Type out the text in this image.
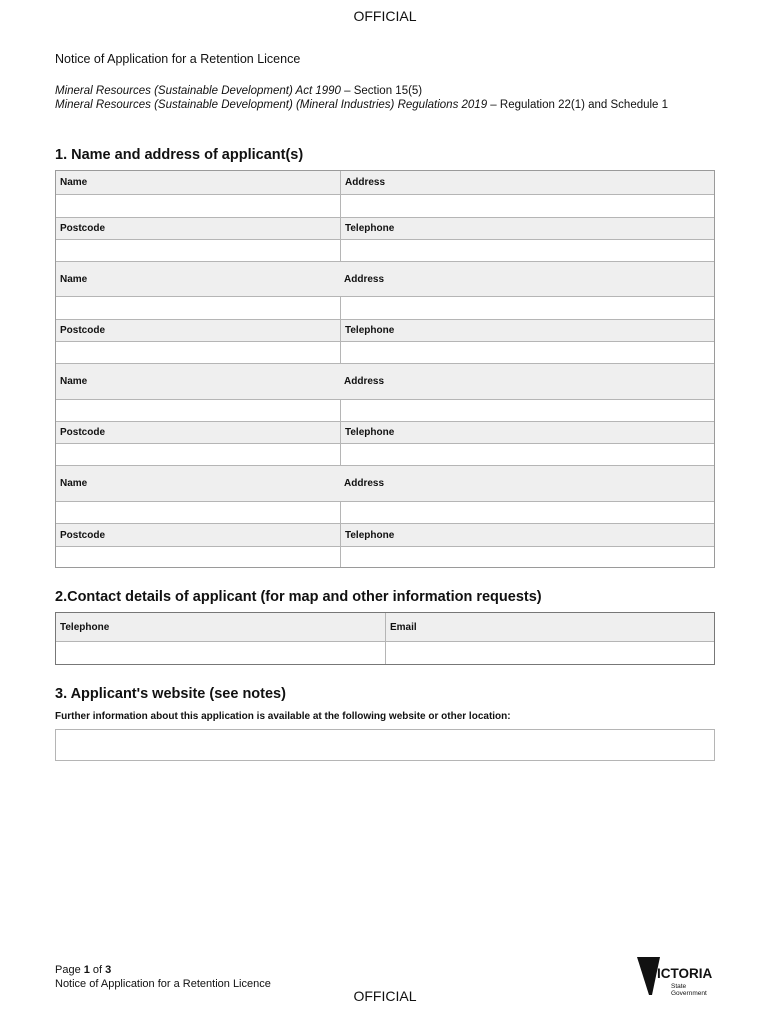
OFFICIAL
Notice of Application for a Retention Licence
Mineral Resources (Sustainable Development) Act 1990 – Section 15(5)
Mineral Resources (Sustainable Development) (Mineral Industries) Regulations 2019 – Regulation 22(1) and Schedule 1
1. Name and address of applicant(s)
Name	Address
Postcode	Telephone
Name	Address
Postcode	Telephone
Name	Address
Postcode	Telephone
Name	Address
Postcode	Telephone
2.Contact details of applicant (for map and other information requests)
Telephone	Email
3. Applicant's website (see notes)
Further information about this application is available at the following website or other location:
Page 1 of 3
Notice of Application for a Retention Licence
OFFICIAL
VICTORIA
State
Government
